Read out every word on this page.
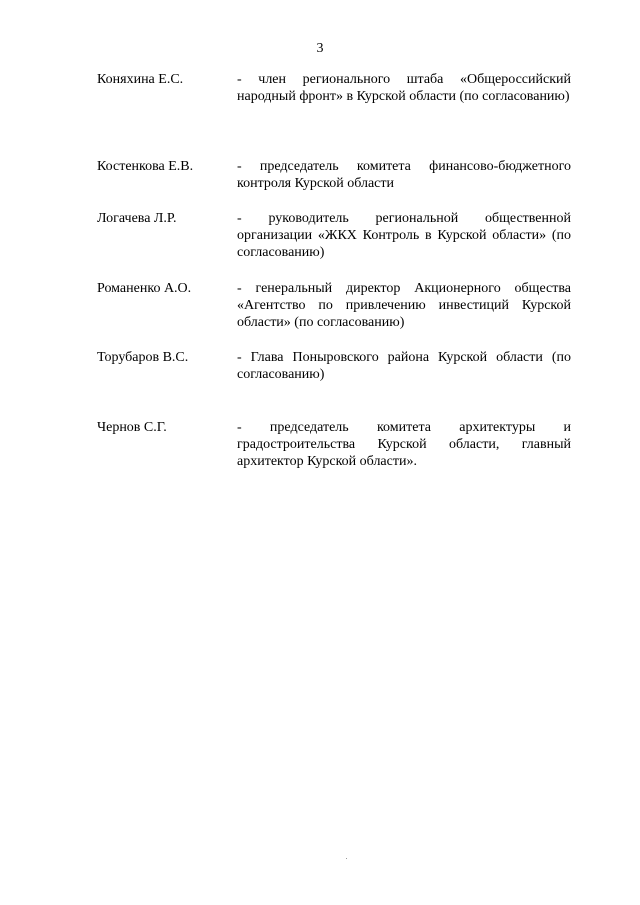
3
Коняхина Е.С.	- член регионального штаба «Общероссийский народный фронт» в Курской области (по согласованию)
Костенкова Е.В.	- председатель комитета финансово-бюджетного контроля Курской области
Логачева Л.Р.	- руководитель региональной общественной организации «ЖКХ Контроль в Курской области» (по согласованию)
Романенко А.О.	- генеральный директор Акционерного общества «Агентство по привлечению инвестиций Курской области» (по согласованию)
Торубаров В.С.	- Глава Поныровского района Курской области (по согласованию)
Чернов С.Г.	- председатель комитета архитектуры и градостроительства Курской области, главный архитектор Курской области».
